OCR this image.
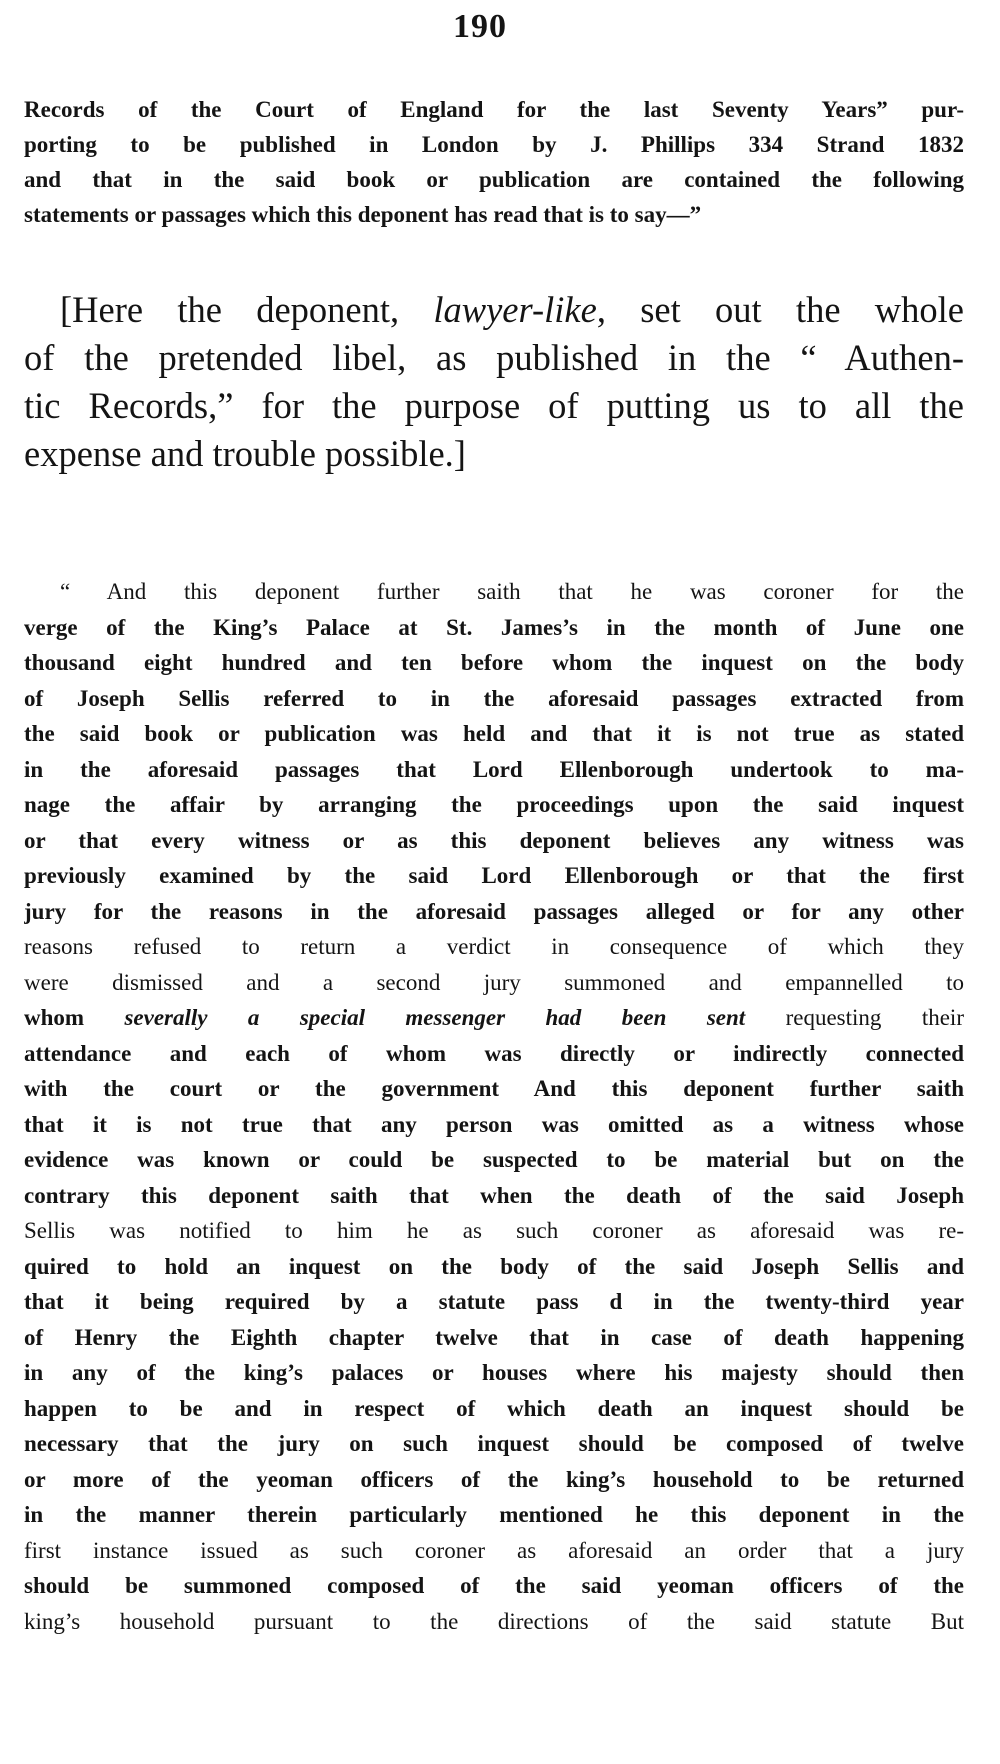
190
Records of the Court of England for the last Seventy Years” pur-
porting to be published in London by J. Phillips 334 Strand 1832
and that in the said book or publication are contained the following
statements or passages which this deponent has read that is to say—”
[Here the deponent, lawyer-like, set out the whole
of the pretended libel, as published in the “ Authen-
tic Records,” for the purpose of putting us to all the
expense and trouble possible.]
“ And this deponent further saith that he was coroner for the
verge of the King’s Palace at St. James’s in the month of June one
thousand eight hundred and ten before whom the inquest on the body
of Joseph Sellis referred to in the aforesaid passages extracted from
the said book or publication was held and that it is not true as stated
in the aforesaid passages that Lord Ellenborough undertook to ma-
nage the affair by arranging the proceedings upon the said inquest
or that every witness or as this deponent believes any witness was
previously examined by the said Lord Ellenborough or that the first
jury for the reasons in the aforesaid passages alleged or for any other
reasons refused to return a verdict in consequence of which they
were dismissed and a second jury summoned and empannelled to
whom severally a special messenger had been sent requesting their
attendance and each of whom was directly or indirectly connected
with the court or the government And this deponent further saith
that it is not true that any person was omitted as a witness whose
evidence was known or could be suspected to be material but on the
contrary this deponent saith that when the death of the said Joseph
Sellis was notified to him he as such coroner as aforesaid was re-
quired to hold an inquest on the body of the said Joseph Sellis and
that it being required by a statute pass d in the twenty-third year
of Henry the Eighth chapter twelve that in case of death happening
in any of the king’s palaces or houses where his majesty should then
happen to be and in respect of which death an inquest should be
necessary that the jury on such inquest should be composed of twelve
or more of the yeoman officers of the king’s household to be returned
in the manner therein particularly mentioned he this deponent in the
first instance issued as such coroner as aforesaid an order that a jury
should be summoned composed of the said yeoman officers of the
king’s household pursuant to the directions of the said statute But
